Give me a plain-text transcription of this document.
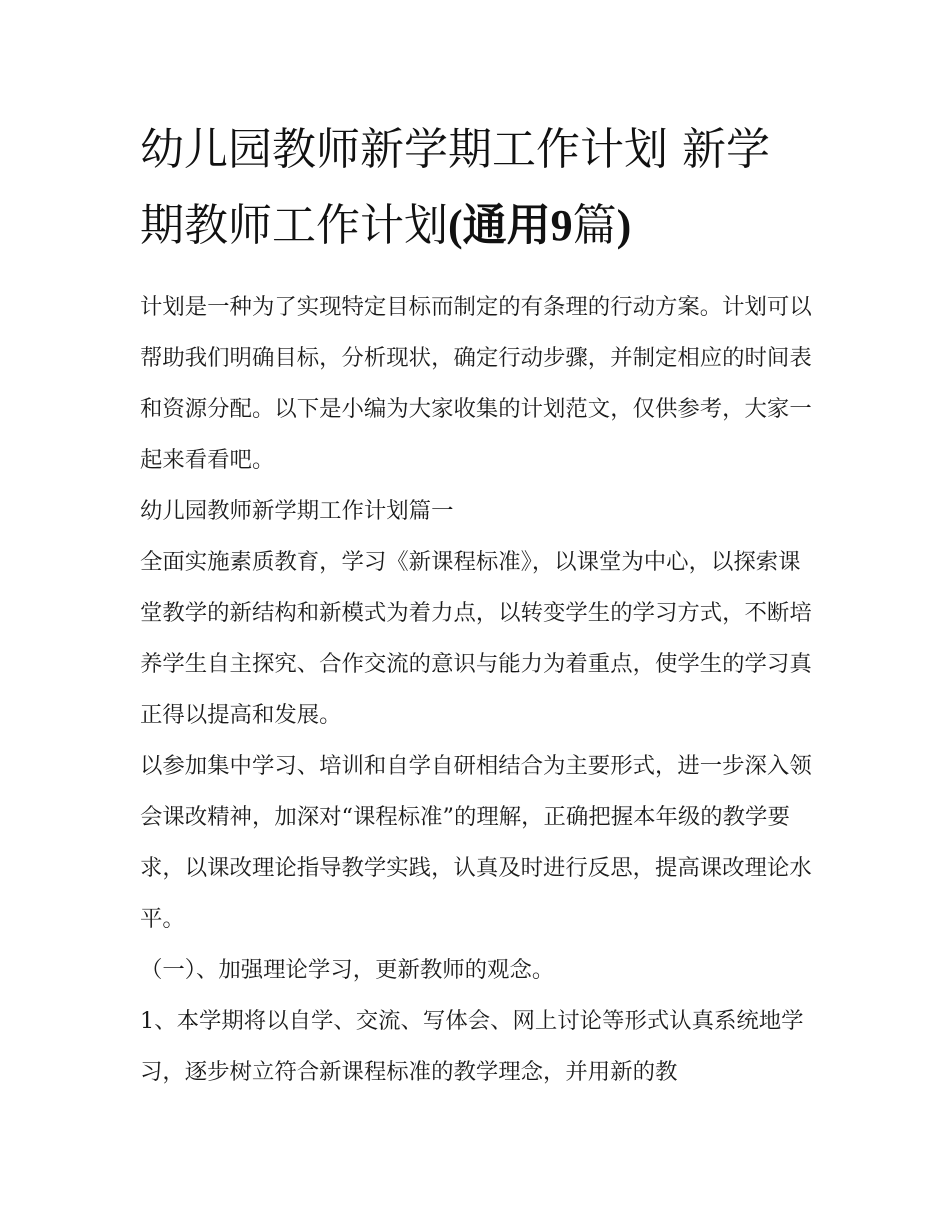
幼儿园教师新学期工作计划 新学期教师工作计划(通用9篇)

计划是一种为了实现特定目标而制定的有条理的行动方案。计划可以帮助我们明确目标，分析现状，确定行动步骤，并制定相应的时间表和资源分配。以下是小编为大家收集的计划范文，仅供参考，大家一起来看看吧。

幼儿园教师新学期工作计划篇一

全面实施素质教育，学习《新课程标准》，以课堂为中心，以探索课堂教学的新结构和新模式为着力点，以转变学生的学习方式，不断培养学生自主探究、合作交流的意识与能力为着重点，使学生的学习真正得以提高和发展。

以参加集中学习、培训和自学自研相结合为主要形式，进一步深入领会课改精神，加深对“课程标准”的理解，正确把握本年级的教学要求，以课改理论指导教学实践，认真及时进行反思，提高课改理论水平。

（一）、加强理论学习，更新教师的观念。

1、本学期将以自学、交流、写体会、网上讨论等形式认真系统地学习，逐步树立符合新课程标准的教学理念，并用新的教
